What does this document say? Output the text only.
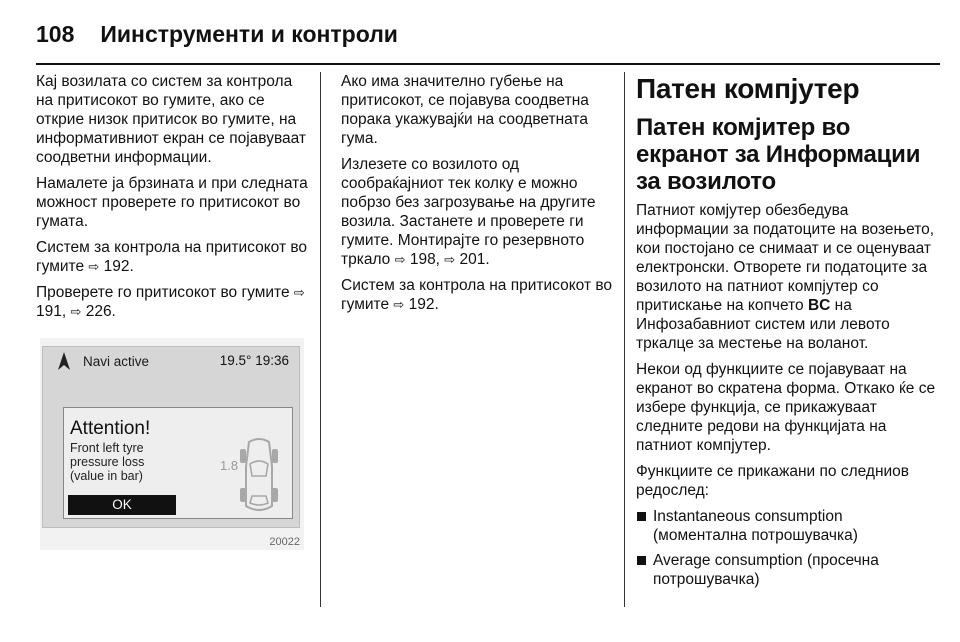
108 Иинструменти и контроли

Кај возилата со систем за контрола на притисокот во гумите, ако се открие низок притисок во гумите, на информативниот екран се појавуваат соодветни информации.

Намалете ја брзината и при следната можност проверете го притисокот во гумата.

Систем за контрола на притисокот во гумите ⇨ 192.

Проверете го притисокот во гумите ⇨ 191, ⇨ 226.

Navi active	19.5° 19:36
Attention!
Front left tyre pressure loss (value in bar)
OK
1.8
20022

Ако има значително губење на притисокот, се појавува соодветна порака укажувајќи на соодветната гума.

Излезете со возилото од сообраќајниот тек колку е можно побрзо без загрозување на другите возила. Застанете и проверете ги гумите. Монтирајте го резервното тркало ⇨ 198, ⇨ 201.

Систем за контрола на притисокот во гумите ⇨ 192.

Патен компјутер
Патен комјитер во екранот за Информации за возилото

Патниот комјутер обезбедува информации за податоците на возењето, кои постојано се снимаат и се оценуваат електронски. Отворете ги податоците за возилото на патниот компјутер со притискање на копчето BC на Инфозабавниот систем или левото тркалце за местење на воланот.

Некои од функциите се појавуваат на екранот во скратена форма. Откако ќе се избере функција, се прикажуваат следните редови на функцијата на патниот компјутер.

Функциите се прикажани по следниов редослед:

Instantaneous consumption (моментална потрошувачка)
Average consumption (просечна потрошувачка)
